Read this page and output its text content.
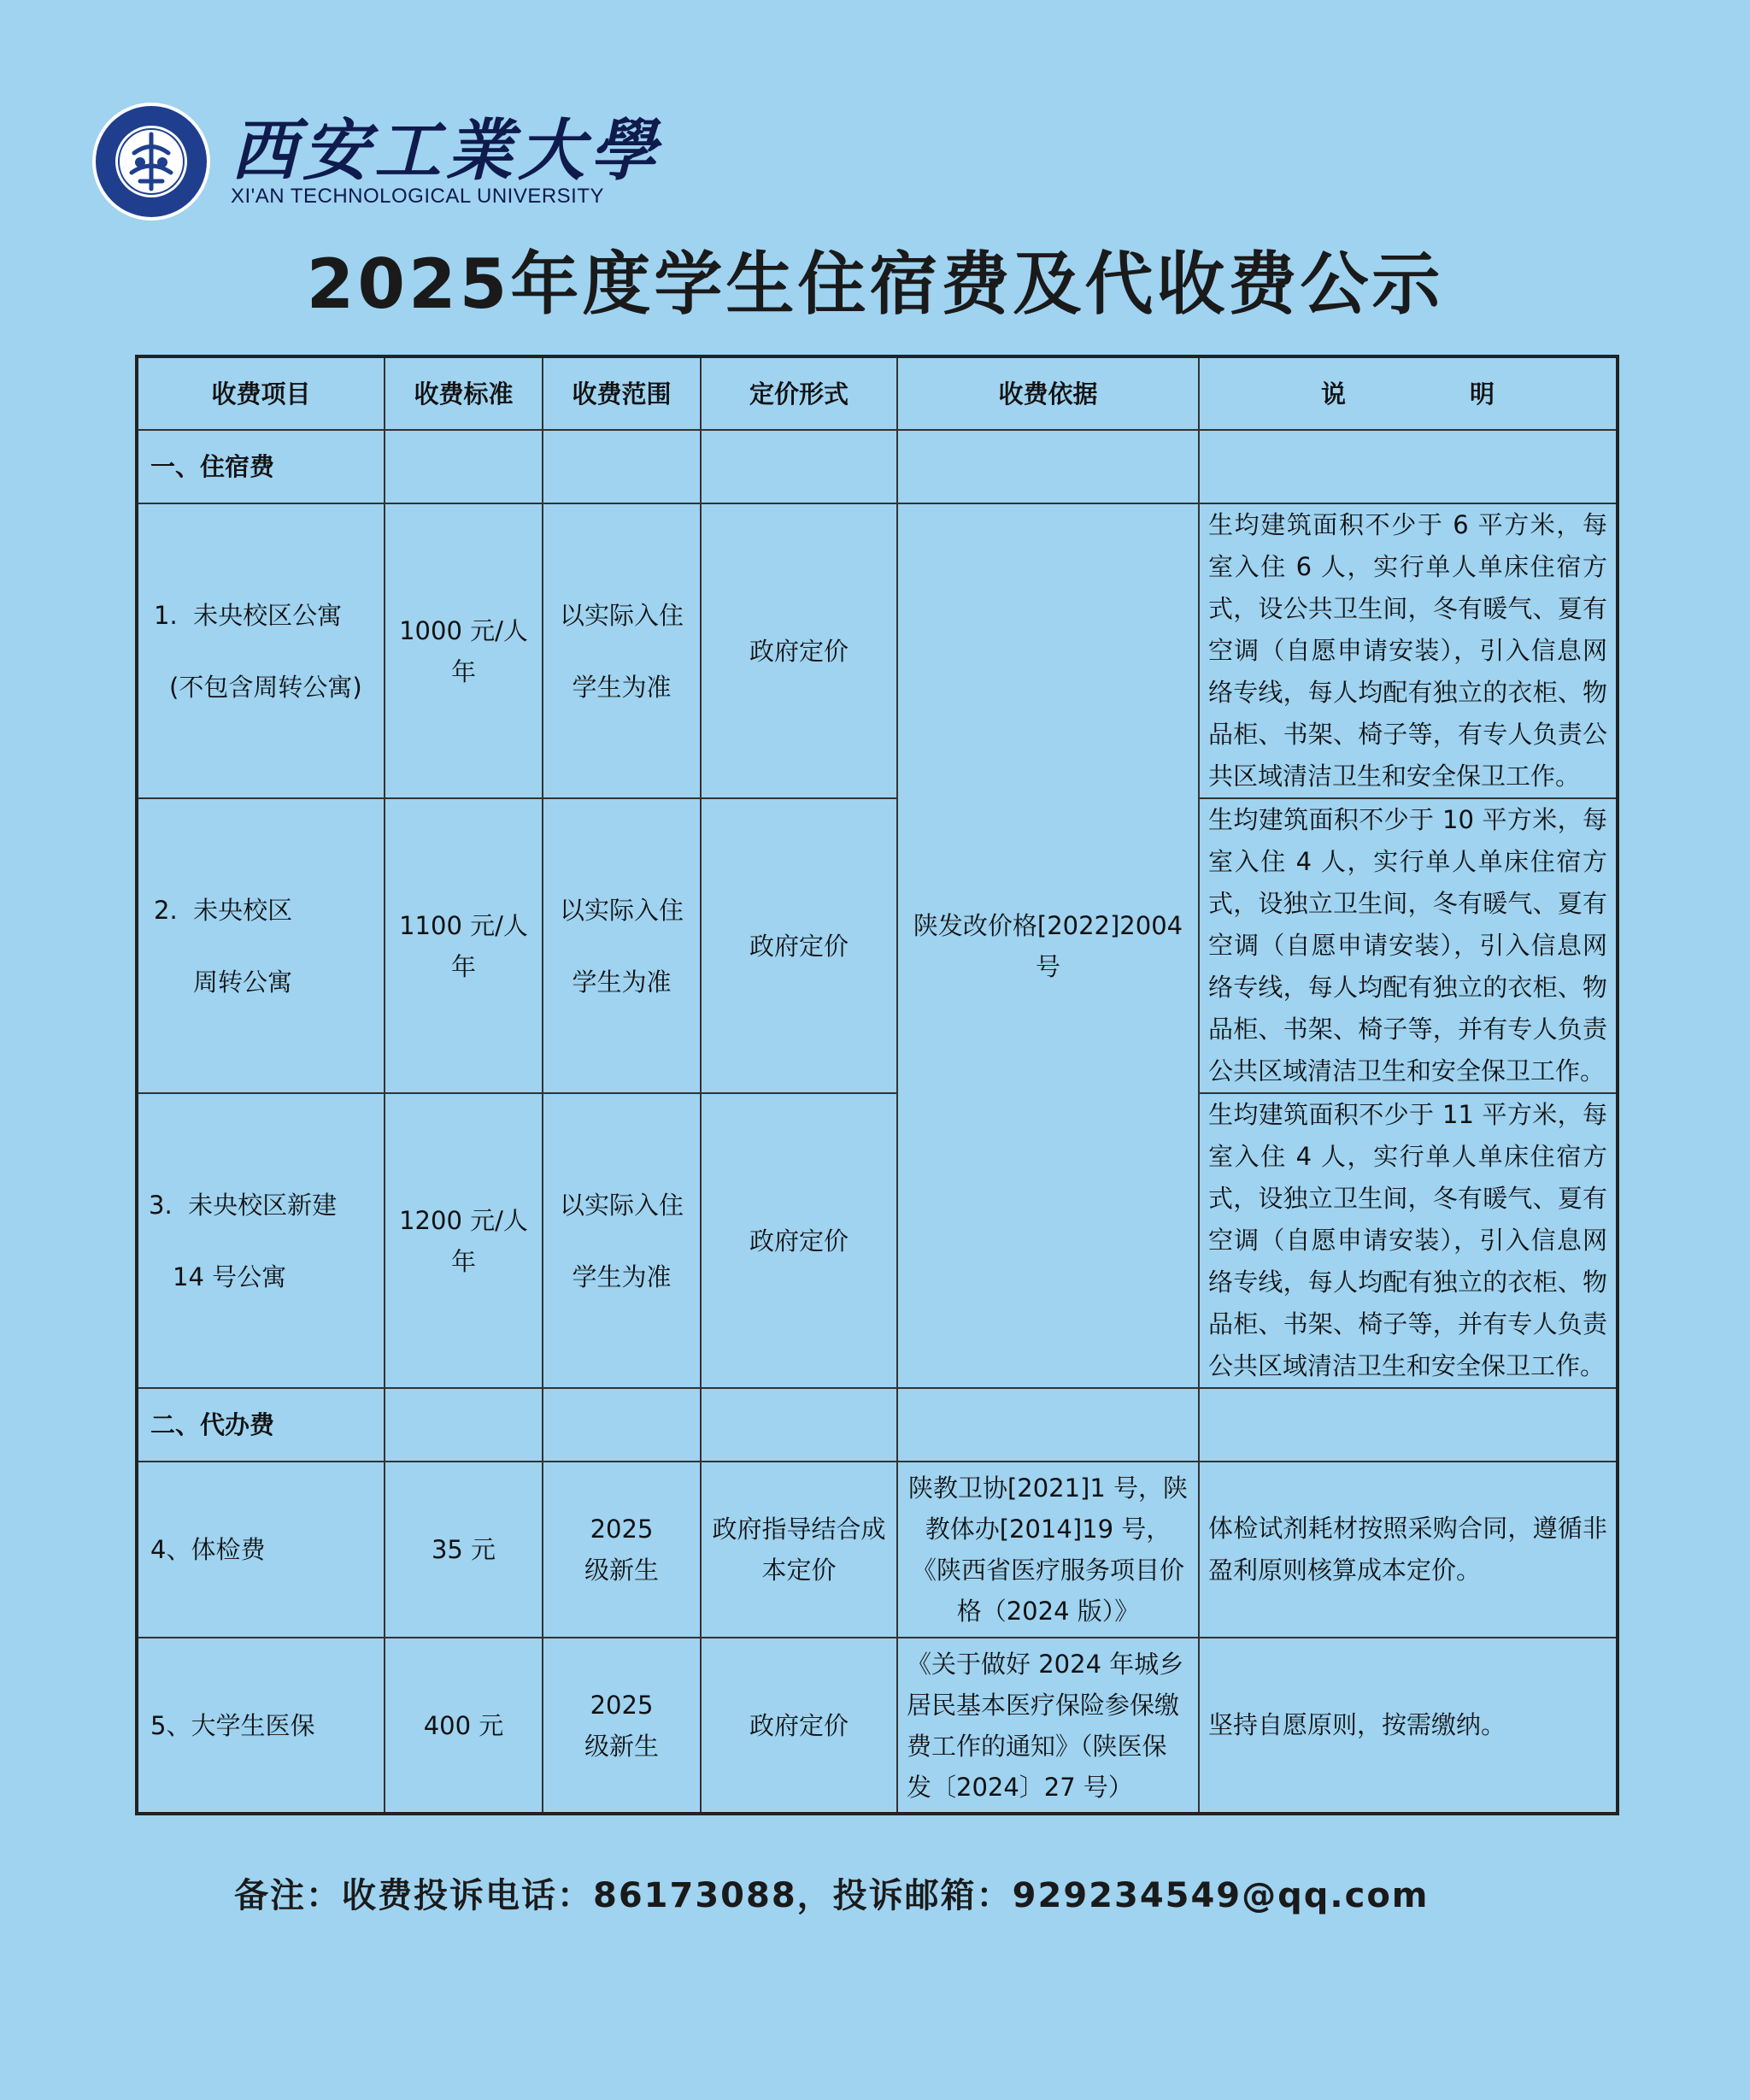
西安工業大學
XI'AN TECHNOLOGICAL UNIVERSITY
2025年度学生住宿费及代收费公示
收费项目	收费标准	收费范围	定价形式	收费依据	说　　　　　明
一、住宿费					

1.  未央校区公寓
(不包含周转公寓)	1000 元/人年	以实际入住学生为准	政府定价	陕发改价格[2022]2004 号	生均建筑面积不少于 6 平方米，每室入住 6 人，实行单人单床住宿方式，设公共卫生间，冬有暖气、夏有空调（自愿申请安装），引入信息网络专线，每人均配有独立的衣柜、物品柜、书架、椅子等，有专人负责公共区域清洁卫生和安全保卫工作。

2.  未央校区
周转公寓	1100 元/人年	以实际入住学生为准	政府定价		生均建筑面积不少于 10 平方米，每室入住 4 人，实行单人单床住宿方式，设独立卫生间，冬有暖气、夏有空调（自愿申请安装），引入信息网络专线，每人均配有独立的衣柜、物品柜、书架、椅子等，并有专人负责公共区域清洁卫生和安全保卫工作。

3.  未央校区新建
14 号公寓	1200 元/人年	以实际入住学生为准	政府定价		生均建筑面积不少于 11 平方米，每室入住 4 人，实行单人单床住宿方式，设独立卫生间，冬有暖气、夏有空调（自愿申请安装），引入信息网络专线，每人均配有独立的衣柜、物品柜、书架、椅子等，并有专人负责公共区域清洁卫生和安全保卫工作。
二、代办费					
4、体检费	35 元	2025 级新生	政府指导结合成本定价	陕教卫协[2021]1 号，陕教体办[2014]19 号，《陕西省医疗服务项目价格（2024 版）》	体检试剂耗材按照采购合同，遵循非盈利原则核算成本定价。
5、大学生医保	400 元	2025 级新生	政府定价	《关于做好 2024 年城乡居民基本医疗保险参保缴费工作的通知》（陕医保发〔2024〕27 号）	坚持自愿原则，按需缴纳。
备注：收费投诉电话：86173088，投诉邮箱：929234549@qq.com
